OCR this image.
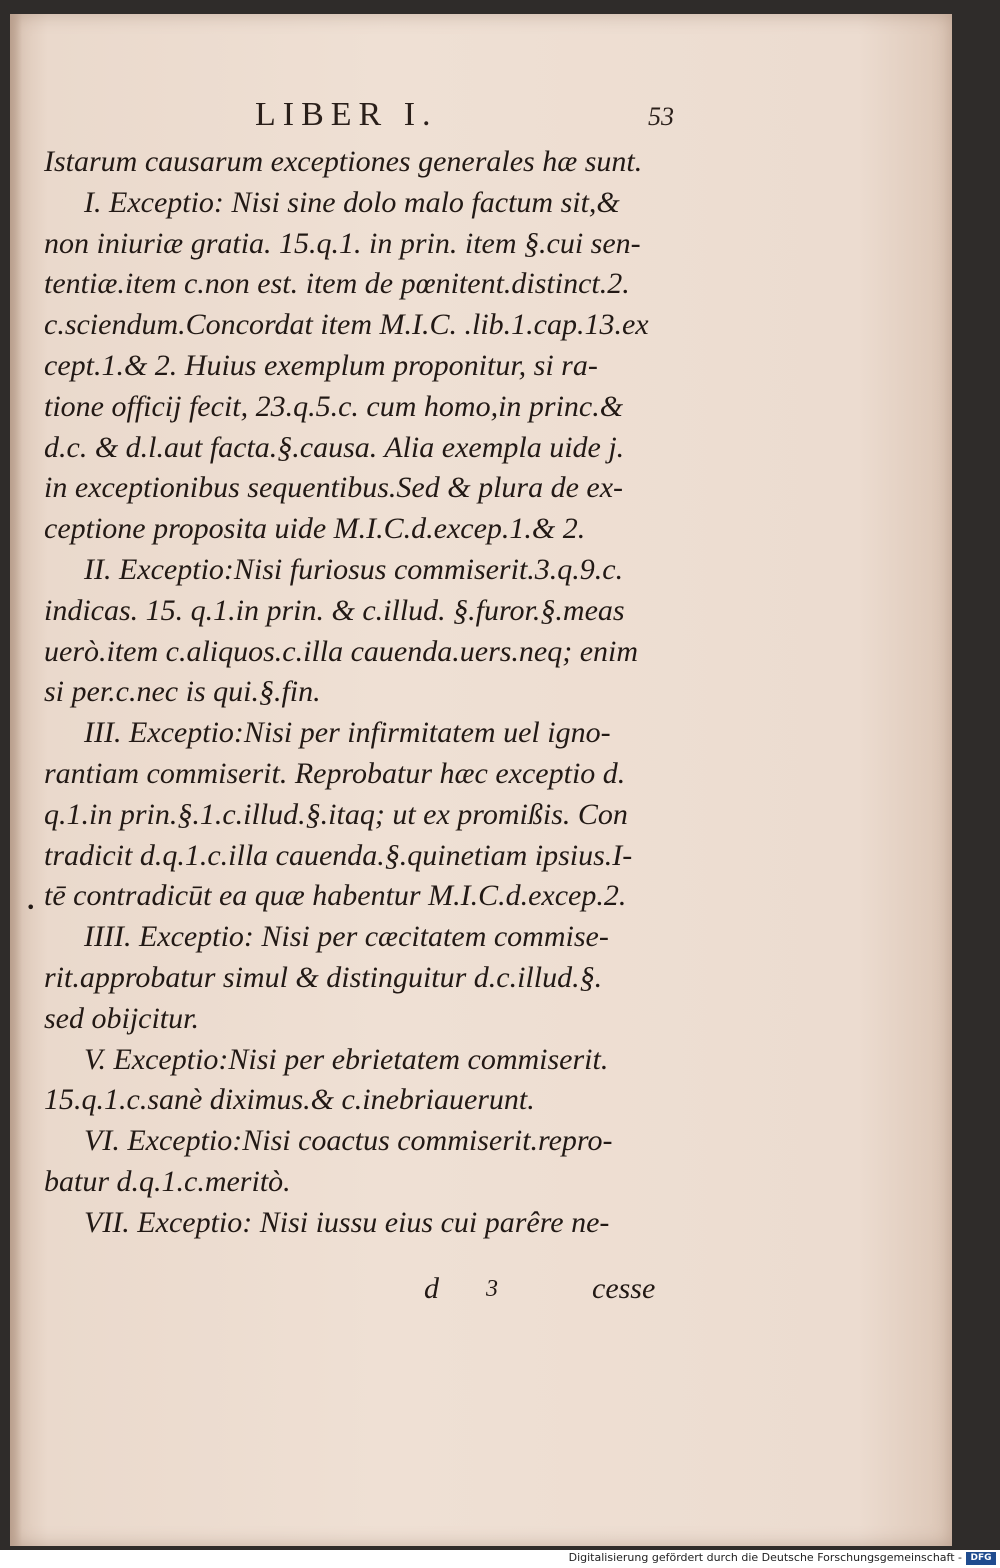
LIBER I.	53
•
Istarum causarum exceptiones generales hæ sunt.
I. Exceptio: Nisi sine dolo malo factum sit,&
non iniuriæ gratia. 15.q.1. in prin. item §.cui sen-
tentiæ.item c.non est. item de pœnitent.distinct.2.
c.sciendum.Concordat item M.I.C. .lib.1.cap.13.ex
cept.1.& 2. Huius exemplum proponitur, si ra-
tione officij fecit, 23.q.5.c. cum homo,in princ.&
d.c. & d.l.aut facta.§.causa. Alia exempla uide j.
in exceptionibus sequentibus.Sed & plura de ex-
ceptione proposita uide M.I.C.d.excep.1.& 2.
II. Exceptio:Nisi furiosus commiserit.3.q.9.c.
indicas. 15. q.1.in prin. & c.illud. §.furor.§.meas
uerò.item c.aliquos.c.illa cauenda.uers.neq; enim
si per.c.nec is qui.§.fin.
III. Exceptio:Nisi per infirmitatem uel igno-
rantiam commiserit. Reprobatur hæc exceptio d.
q.1.in prin.§.1.c.illud.§.itaq; ut ex promißis. Con
tradicit d.q.1.c.illa cauenda.§.quinetiam ipsius.I-
tē contradicūt ea quæ habentur M.I.C.d.excep.2.
IIII. Exceptio: Nisi per cæcitatem commise-
rit.approbatur simul & distinguitur d.c.illud.§.
sed obijcitur.
V. Exceptio:Nisi per ebrietatem commiserit.
15.q.1.c.sanè diximus.& c.inebriauerunt.
VI. Exceptio:Nisi coactus commiserit.repro-
batur d.q.1.c.meritò.
VII. Exceptio: Nisi iussu eius cui parêre ne-
d 3	cesse
Digitalisierung gefördert durch die Deutsche Forschungsgemeinschaft - DFG
